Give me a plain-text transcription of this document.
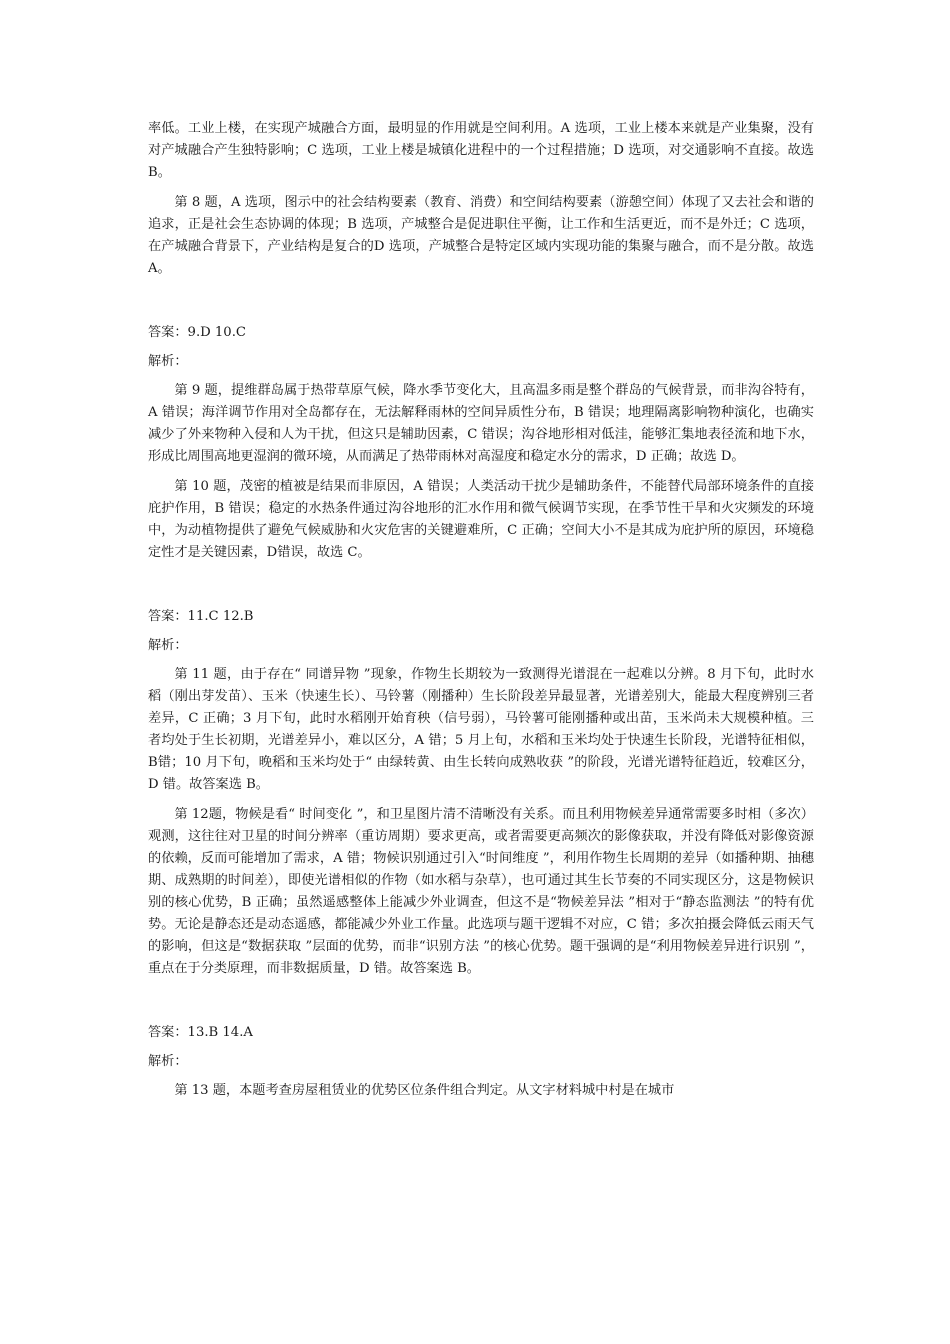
率低。工业上楼，在实现产城融合方面，最明显的作用就是空间利用。A 选项，工业上楼本来就是产业集聚，没有对产城融合产生独特影响；C 选项，工业上楼是城镇化进程中的一个过程措施；D 选项，对交通影响不直接。故选 B。

第 8 题，A 选项，图示中的社会结构要素（教育、消费）和空间结构要素（游憩空间）体现了又去社会和谐的追求，正是社会生态协调的体现；B 选项，产城整合是促进职住平衡，让工作和生活更近，而不是外迁；C 选项，在产城融合背景下，产业结构是复合的D 选项，产城整合是特定区域内实现功能的集聚与融合，而不是分散。故选 A。

答案：9.D 10.C

解析：

第 9 题，提维群岛属于热带草原气候，降水季节变化大，且高温多雨是整个群岛的气候背景，而非沟谷特有，A 错误；海洋调节作用对全岛都存在，无法解释雨林的空间异质性分布，B 错误；地理隔离影响物种演化，也确实减少了外来物种入侵和人为干扰，但这只是辅助因素，C 错误；沟谷地形相对低洼，能够汇集地表径流和地下水，形成比周围高地更湿润的微环境，从而满足了热带雨林对高湿度和稳定水分的需求，D 正确；故选 D。

第 10 题，茂密的植被是结果而非原因，A 错误；人类活动干扰少是辅助条件，不能替代局部环境条件的直接庇护作用，B 错误；稳定的水热条件通过沟谷地形的汇水作用和微气候调节实现，在季节性干旱和火灾频发的环境中，为动植物提供了避免气候威胁和火灾危害的关键避难所，C 正确；空间大小不是其成为庇护所的原因，环境稳定性才是关键因素，D错误，故选 C。

答案：11.C 12.B

解析：

第 11 题，由于存在“ 同谱异物 ”现象，作物生长期较为一致测得光谱混在一起难以分辨。8 月下旬，此时水稻（刚出芽发苗）、玉米（快速生长）、马铃薯（刚播种）生长阶段差异最显著，光谱差别大，能最大程度辨别三者差异，C 正确；3 月下旬，此时水稻刚开始育秧（信号弱），马铃薯可能刚播种或出苗，玉米尚未大规模种植。三者均处于生长初期，光谱差异小，难以区分，A 错；5 月上旬，水稻和玉米均处于快速生长阶段，光谱特征相似，B错；10 月下旬，晚稻和玉米均处于“ 由绿转黄、由生长转向成熟收获 ”的阶段，光谱光谱特征趋近，较难区分，D 错。故答案选 B。

第 12题，物候是看“ 时间变化 ”，和卫星图片清不清晰没有关系。而且利用物候差异通常需要多时相（多次）观测，这往往对卫星的时间分辨率（重访周期）要求更高，或者需要更高频次的影像获取，并没有降低对影像资源的依赖，反而可能增加了需求，A 错；物候识别通过引入“时间维度 ”，利用作物生长周期的差异（如播种期、抽穗期、成熟期的时间差），即使光谱相似的作物（如水稻与杂草），也可通过其生长节奏的不同实现区分，这是物候识别的核心优势，B 正确；虽然遥感整体上能减少外业调查，但这不是“物候差异法 ”相对于“静态监测法 ”的特有优势。无论是静态还是动态遥感，都能减少外业工作量。此选项与题干逻辑不对应，C 错；多次拍摄会降低云雨天气的影响，但这是“数据获取 ”层面的优势，而非“识别方法 ”的核心优势。题干强调的是“利用物候差异进行识别 ”，重点在于分类原理，而非数据质量，D 错。故答案选 B。

答案：13.B 14.A

解析：

第 13 题，本题考查房屋租赁业的优势区位条件组合判定。从文字材料城中村是在城市
